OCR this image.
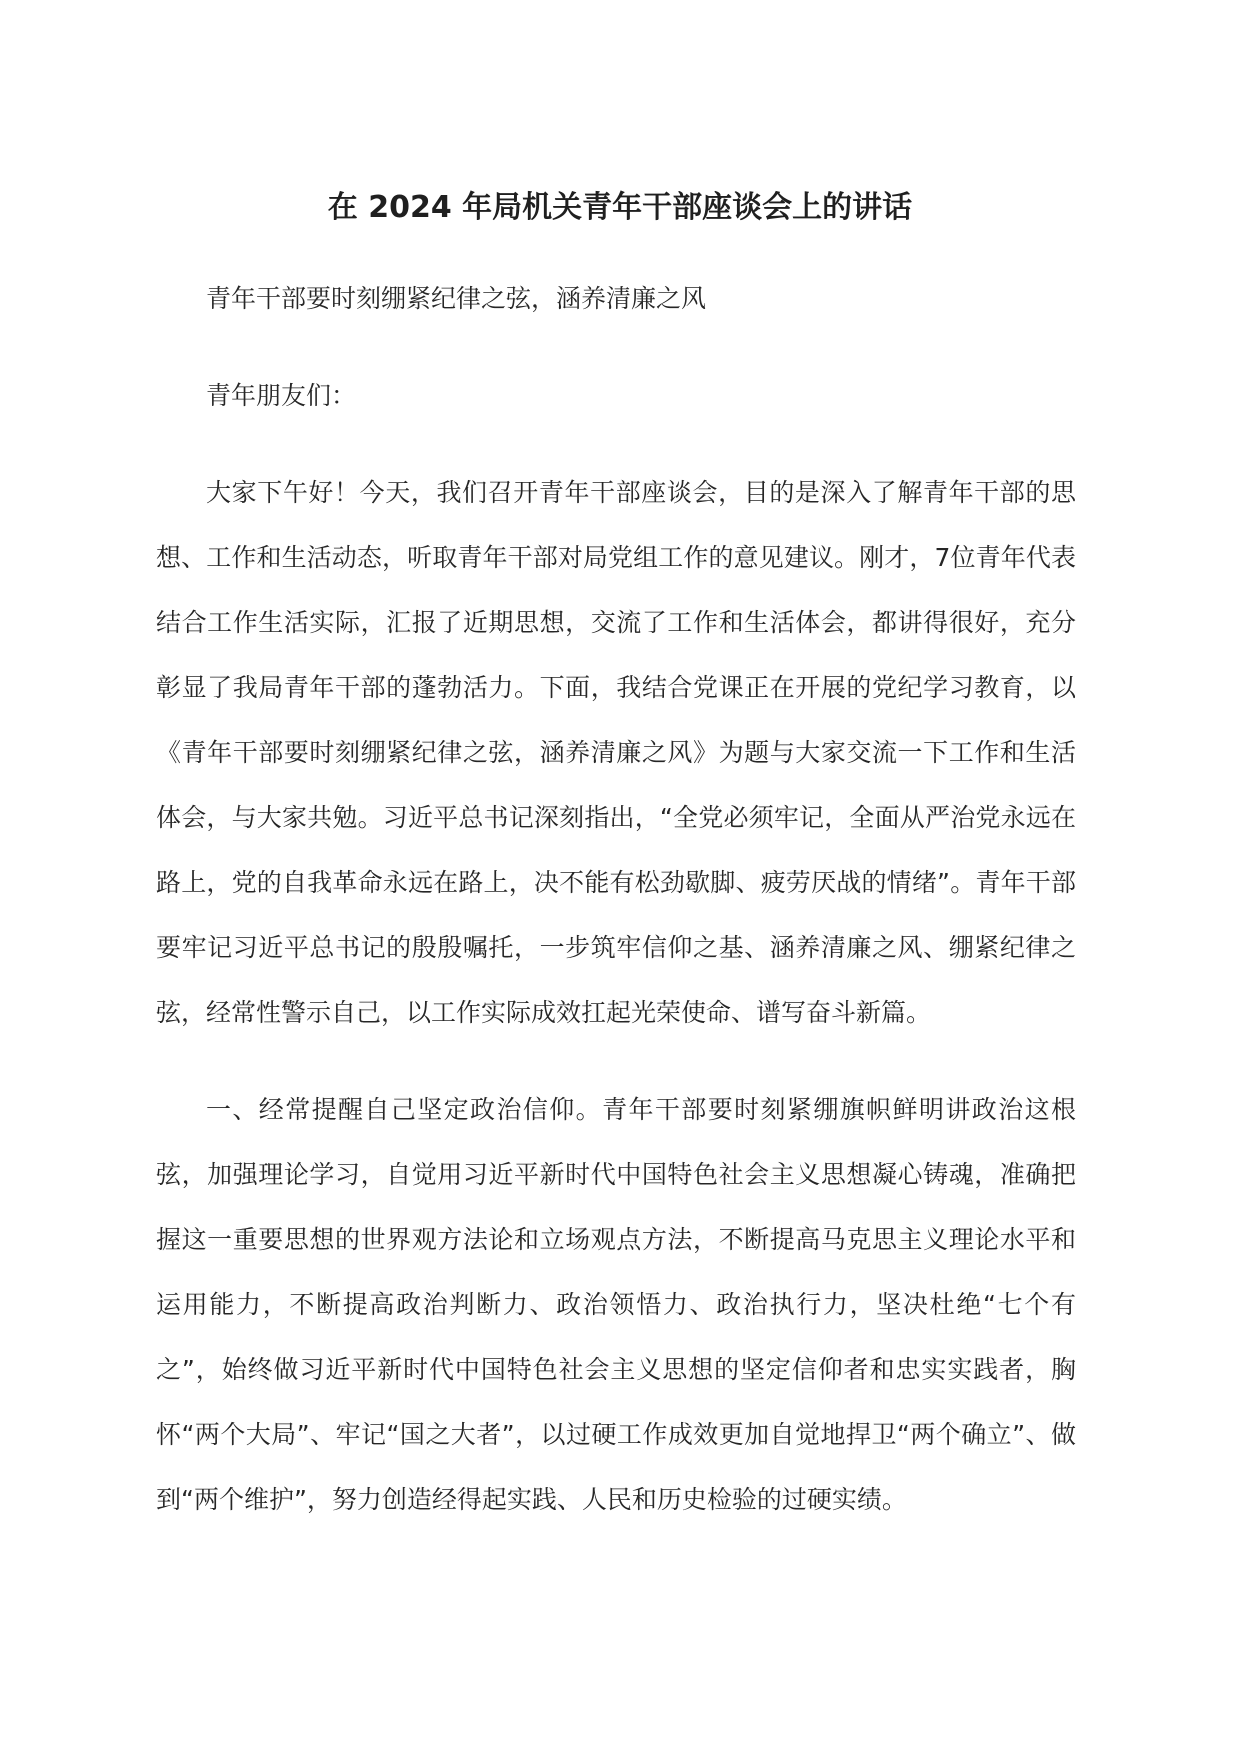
在 2024 年局机关青年干部座谈会上的讲话

青年干部要时刻绷紧纪律之弦，涵养清廉之风

青年朋友们：

大家下午好！今天，我们召开青年干部座谈会，目的是深入了解青年干部的思想、工作和生活动态，听取青年干部对局党组工作的意见建议。刚才，7位青年代表结合工作生活实际，汇报了近期思想，交流了工作和生活体会，都讲得很好，充分彰显了我局青年干部的蓬勃活力。下面，我结合党课正在开展的党纪学习教育，以《青年干部要时刻绷紧纪律之弦，涵养清廉之风》为题与大家交流一下工作和生活体会，与大家共勉。习近平总书记深刻指出，“全党必须牢记，全面从严治党永远在路上，党的自我革命永远在路上，决不能有松劲歇脚、疲劳厌战的情绪”。青年干部要牢记习近平总书记的殷殷嘱托，一步筑牢信仰之基、涵养清廉之风、绷紧纪律之弦，经常性警示自己，以工作实际成效扛起光荣使命、谱写奋斗新篇。

一、经常提醒自己坚定政治信仰。青年干部要时刻紧绷旗帜鲜明讲政治这根弦，加强理论学习，自觉用习近平新时代中国特色社会主义思想凝心铸魂，准确把握这一重要思想的世界观方法论和立场观点方法，不断提高马克思主义理论水平和运用能力，不断提高政治判断力、政治领悟力、政治执行力，坚决杜绝“七个有之”，始终做习近平新时代中国特色社会主义思想的坚定信仰者和忠实实践者，胸怀“两个大局”、牢记“国之大者”，以过硬工作成效更加自觉地捍卫“两个确立”、做到“两个维护”，努力创造经得起实践、人民和历史检验的过硬实绩。
